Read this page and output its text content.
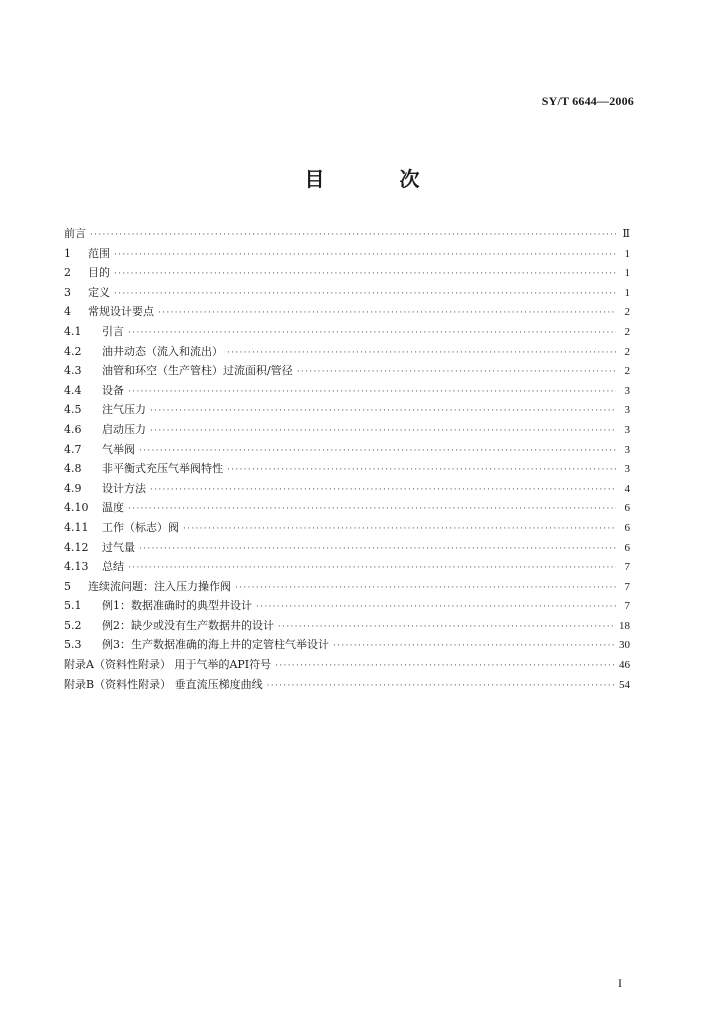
SY/T 6644—2006
目 次
前言 ·····	Ⅱ
1	范围 ·····	1
2	目的 ·····	1
3	定义 ·····	1
4	常规设计要点 ·····	2
4.1	引言 ·····	2
4.2	油井动态（流入和流出） ·····	2
4.3	油管和环空（生产管柱）过流面积/管径 ·····	2
4.4	设备 ·····	3
4.5	注气压力 ·····	3
4.6	启动压力 ·····	3
4.7	气举阀 ·····	3
4.8	非平衡式充压气举阀特性 ·····	3
4.9	设计方法 ·····	4
4.10	温度 ·····	6
4.11	工作（标志）阀 ·····	6
4.12	过气量 ·····	6
4.13	总结 ·····	7
5	连续流问题：注入压力操作阀 ·····	7
5.1	例1：数据准确时的典型井设计 ·····	7
5.2	例2：缺少或没有生产数据井的设计 ·····	18
5.3	例3：生产数据准确的海上井的定管柱气举设计 ·····	30
附录A（资料性附录） 用于气举的API符号 ·····	46
附录B（资料性附录） 垂直流压梯度曲线 ·····	54
I
